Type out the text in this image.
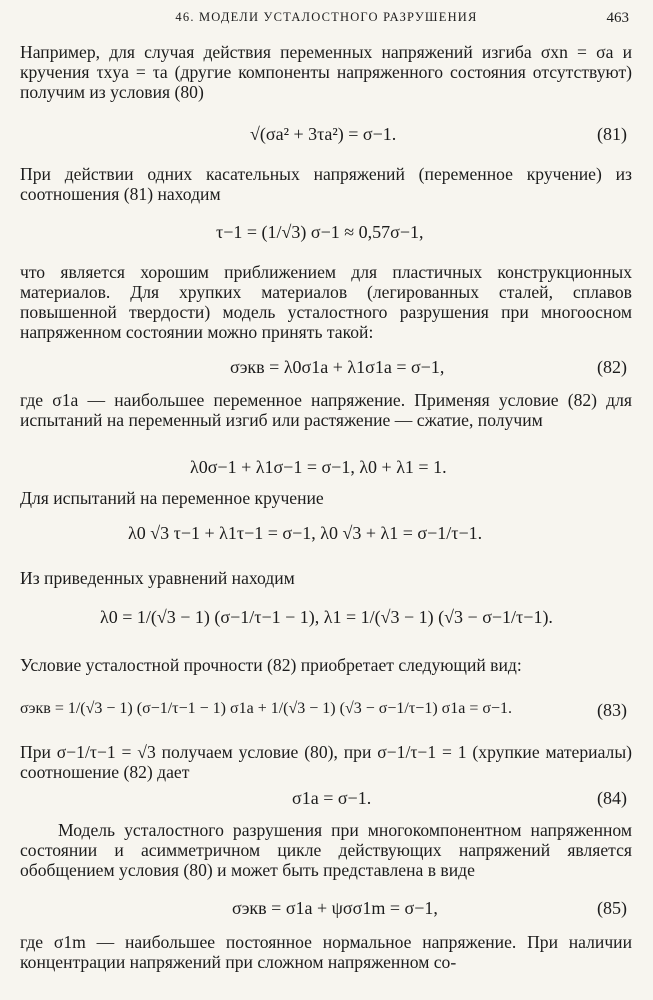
46. МОДЕЛИ УСТАЛОСТНОГО РАЗРУШЕНИЯ	463

Например, для случая действия переменных напряжений изгиба σxn = σa и кручения τxya = τa (другие компоненты напряженного состояния отсутствуют) получим из условия (80)

√(σa² + 3τa²) = σ−1.	(81)

При действии одних касательных напряжений (переменное кручение) из соотношения (81) находим

τ−1 = (1/√3) σ−1 ≈ 0,57σ−1,

что является хорошим приближением для пластичных конструкционных материалов. Для хрупких материалов (легированных сталей, сплавов повышенной твердости) модель усталостного разрушения при многоосном напряженном состоянии можно принять такой:

σэкв = λ0σ1a + λ1σ1a = σ−1,	(82)

где σ1a — наибольшее переменное напряжение. Применяя условие (82) для испытаний на переменный изгиб или растяжение — сжатие, получим

λ0σ−1 + λ1σ−1 = σ−1, λ0 + λ1 = 1.

Для испытаний на переменное кручение

λ0 √3 τ−1 + λ1τ−1 = σ−1, λ0 √3 + λ1 = σ−1/τ−1.

Из приведенных уравнений находим

λ0 = 1/(√3 − 1) (σ−1/τ−1 − 1), λ1 = 1/(√3 − 1) (√3 − σ−1/τ−1).

Условие усталостной прочности (82) приобретает следующий вид:

σэкв = 1/(√3 − 1) (σ−1/τ−1 − 1) σ1a + 1/(√3 − 1) (√3 − σ−1/τ−1) σ1a = σ−1.	(83)

При σ−1/τ−1 = √3 получаем условие (80), при σ−1/τ−1 = 1 (хрупкие материалы) соотношение (82) дает

σ1a = σ−1.	(84)

Модель усталостного разрушения при многокомпонентном напряженном состоянии и асимметричном цикле действующих напряжений является обобщением условия (80) и может быть представлена в виде

σэкв = σ1a + ψσσ1m = σ−1,	(85)

где σ1m — наибольшее постоянное нормальное напряжение. При наличии концентрации напряжений при сложном напряженном со-
